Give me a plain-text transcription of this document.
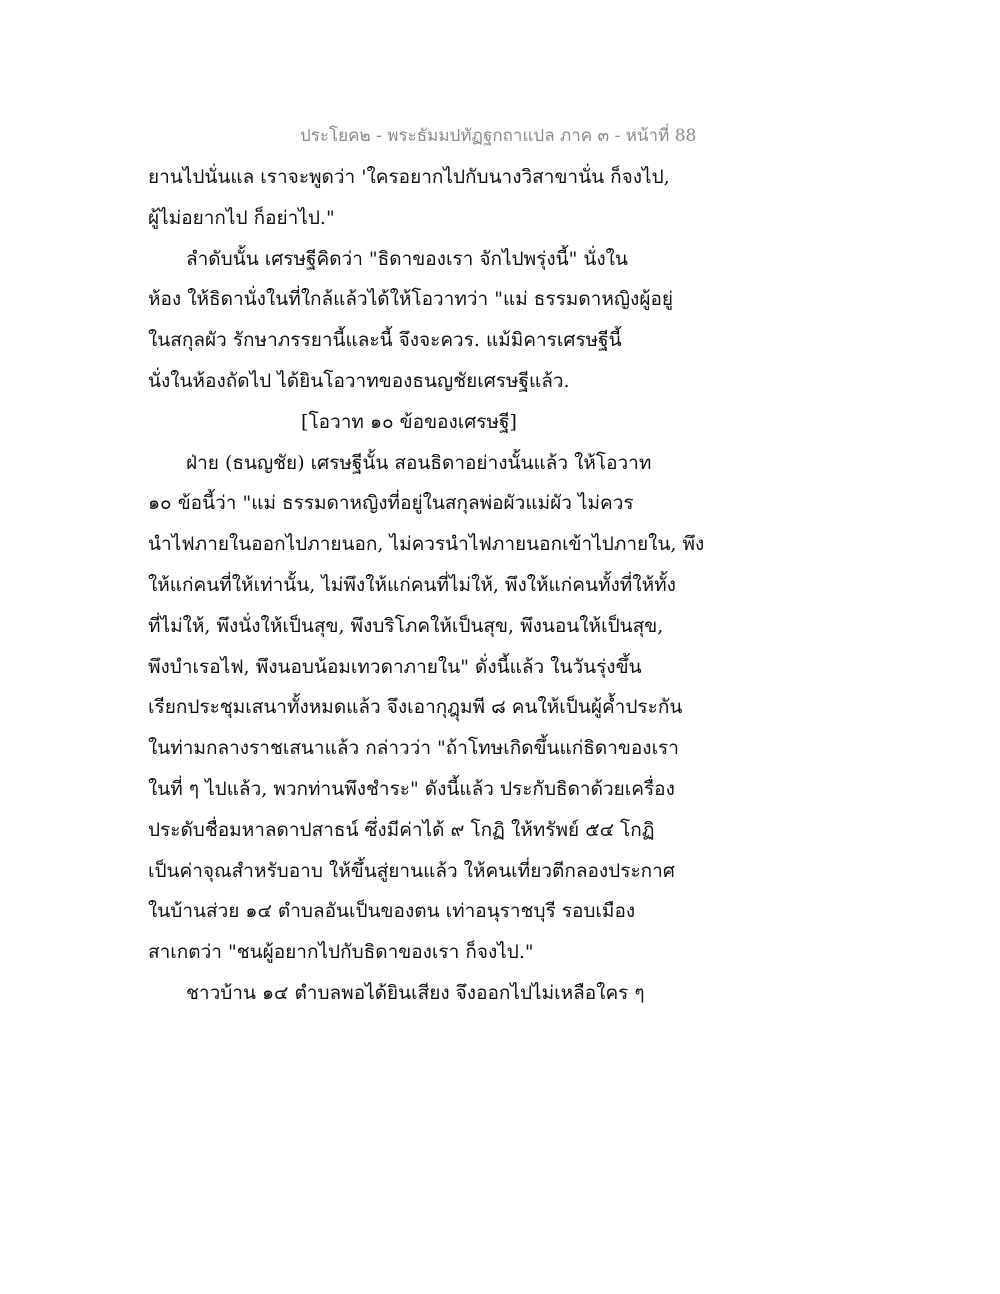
ประโยค๒ - พระธัมมปทัฏฐกถาแปล ภาค ๓ - หน้าที่ 88
ยานไปนั่นแล เราจะพูดว่า 'ใครอยากไปกับนางวิสาขานั่น ก็จงไป,
ผู้ไม่อยากไป ก็อย่าไป."
ลำดับนั้น เศรษฐีคิดว่า "ธิดาของเรา จักไปพรุ่งนี้" นั่งใน
ห้อง ให้ธิดานั่งในที่ใกล้แล้วได้ให้โอวาทว่า "แม่ ธรรมดาหญิงผู้อยู่
ในสกุลผัว รักษาภรรยานี้และนี้ จึงจะควร. แม้มิคารเศรษฐีนี้
นั่งในห้องถัดไป ได้ยินโอวาทของธนญชัยเศรษฐีแล้ว.
[โอวาท ๑๐ ข้อของเศรษฐี]
ฝ่าย (ธนญชัย) เศรษฐีนั้น สอนธิดาอย่างนั้นแล้ว ให้โอวาท
๑๐ ข้อนี้ว่า "แม่ ธรรมดาหญิงที่อยู่ในสกุลพ่อผัวแม่ผัว ไม่ควร
นำไฟภายในออกไปภายนอก, ไม่ควรนำไฟภายนอกเข้าไปภายใน, พึง
ให้แก่คนที่ให้เท่านั้น, ไม่พึงให้แก่คนที่ไม่ให้, พึงให้แก่คนทั้งที่ให้ทั้ง
ที่ไม่ให้, พึงนั่งให้เป็นสุข, พึงบริโภคให้เป็นสุข, พึงนอนให้เป็นสุข,
พึงบำเรอไฟ, พึงนอบน้อมเทวดาภายใน" ดั่งนี้แล้ว ในวันรุ่งขึ้น
เรียกประชุมเสนาทั้งหมดแล้ว จึงเอากุฎุมพี ๘ คนให้เป็นผู้ค้ำประกัน
ในท่ามกลางราชเสนาแล้ว กล่าวว่า "ถ้าโทษเกิดขึ้นแก่ธิดาของเรา
ในที่ ๆ ไปแล้ว, พวกท่านพึงชำระ" ดังนี้แล้ว ประกับธิดาด้วยเครื่อง
ประดับชื่อมหาลดาปสาธน์ ซึ่งมีค่าได้ ๙ โกฏิ ให้ทรัพย์ ๕๔ โกฏิ
เป็นค่าจุณสำหรับอาบ ให้ขึ้นสู่ยานแล้ว ให้คนเที่ยวตีกลองประกาศ
ในบ้านส่วย ๑๔ ตำบลอันเป็นของตน เท่าอนุราชบุรี รอบเมือง
สาเกตว่า "ชนผู้อยากไปกับธิดาของเรา ก็จงไป."
ชาวบ้าน ๑๔ ตำบลพอได้ยินเสียง จึงออกไปไม่เหลือใคร ๆ
